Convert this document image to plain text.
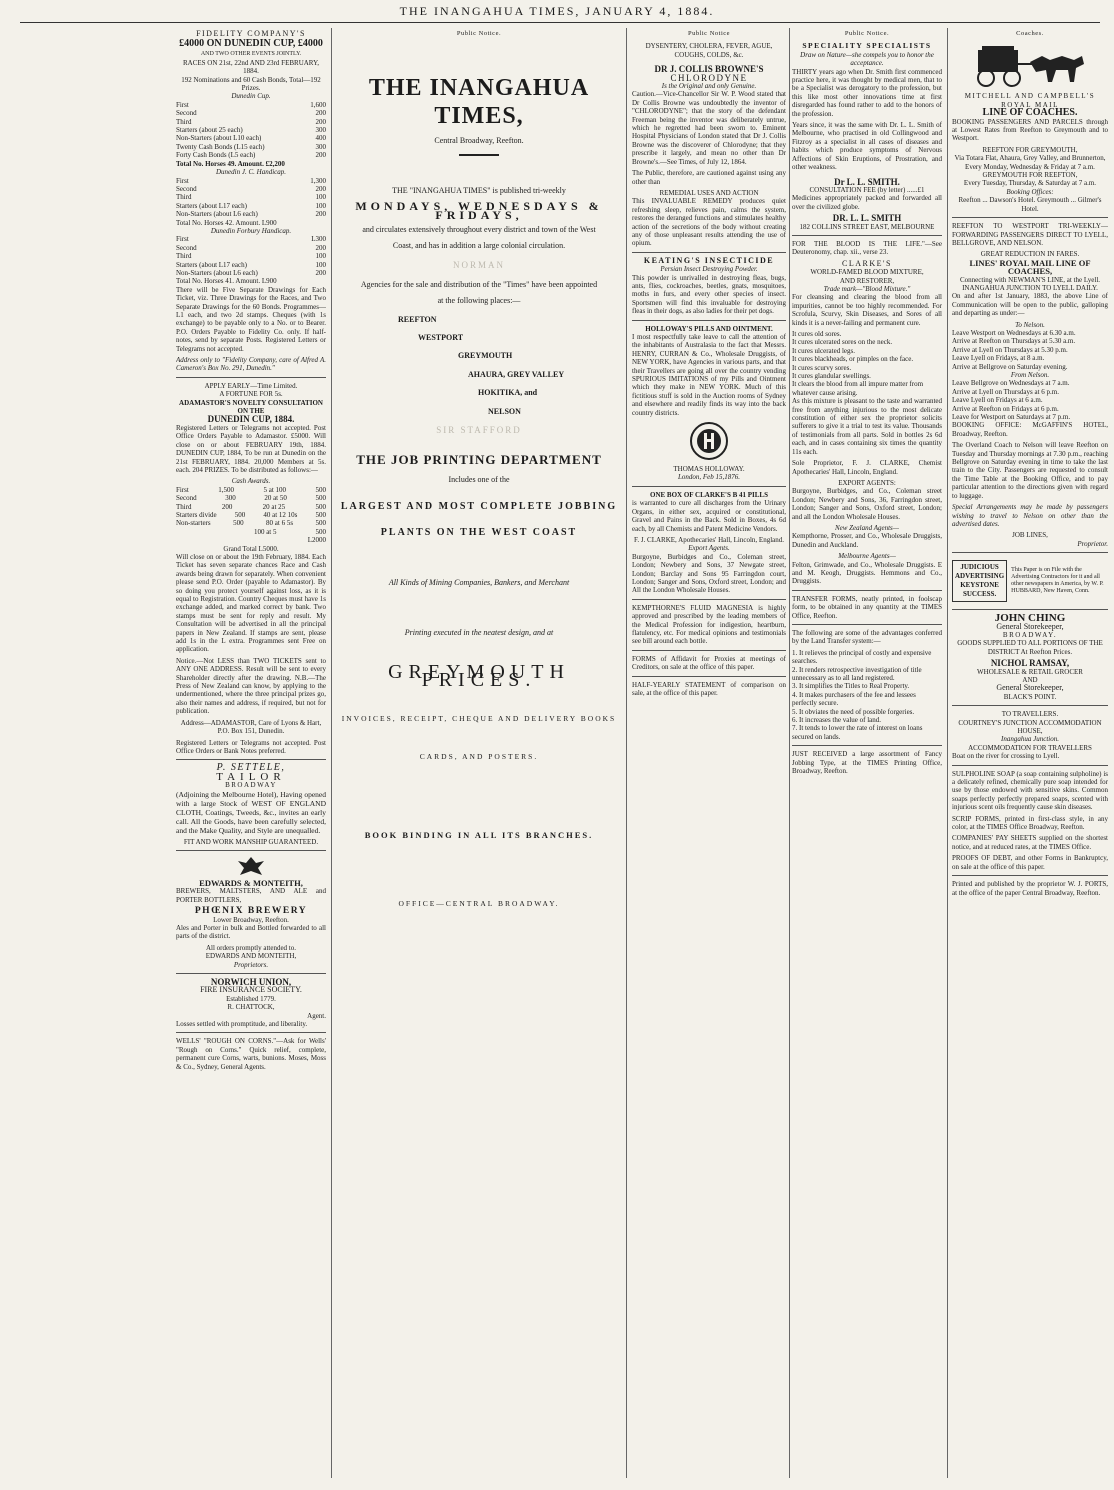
THE INANGAHUA TIMES, JANUARY 4, 1884.
FIDELITY COMPANY'S
£4000 ON DUNEDIN CUP, £4000
AND TWO OTHER EVENTS JOINTLY.
RACES ON 21st, 22nd AND 23rd FEBRUARY, 1884.
192 Nominations and 60 Cash Bonds, Total—192 Prizes.
Dunedin Cup.
First	1,600
Second	200
Third	200
Starters (about 25 each)	300
Non-Starters (about L10 each)	400
Twenty Cash Bonds (L15 each)	300
Forty Cash Bonds (L5 each)	200
Total No. Horses 49. Amount. £2,200
Dunedin J. C. Handicap.
First	1,300
Second	200
Third	100
Starters (about L17 each)	100
Non-Starters (about L6 each)	200
Total No. Horses 42. Amount. L900
Dunedin Forbury Handicap.
First	L300
Second	200
Third	100
Starters (about L17 each)	100
Non-Starters (about L6 each)	200
Total No. Horses 41. Amount. L900

There will be Five Separate Drawings for Each Ticket, viz. Three Drawings for the Races, and Two Separate Drawings for the 60 Bonds. Programmes—L1 each, and two 2d stamps. Cheques (with 1s exchange) to be payable only to a No. or to Bearer. P.O. Orders Payable to Fidelity Co. only. If half-notes, send by separate Posts. Registered Letters or Telegrams not accepted.

Address only to "Fidelity Company, care of Alfred A. Cameron's Box No. 291, Dunedin."

APPLY EARLY—Time Limited.
A FORTUNE FOR 5s.
ADAMASTOR'S NOVELTY CONSULTATION ON THE
DUNEDIN CUP, 1884.

Registered Letters or Telegrams not accepted. Post Office Orders Payable to Adamastor. £5000. Will close on or about FEBRUARY 19th, 1884. DUNEDIN CUP, 1884, To be run at Dunedin on the 21st FEBRUARY, 1884. 20,000 Members at 5s. each. 204 PRIZES. To be distributed as follows:—

Cash Awards.
First	1,500	5 at 100	500
Second	300	20 at 50	500
Third	200	20 at 25	500
Starters divide	500	40 at 12 10s	500
Non-starters	500	80 at 6 5s	500
100 at 5	500
L2000
Grand Total L5000.

Will close on or about the 19th February, 1884. Each Ticket has seven separate chances Race and Cash awards being drawn for separately. When convenient please send P.O. Order (payable to Adamastor). By so doing you protect yourself against loss, as it is equal to Registration. Country Cheques must have 1s exchange added, and marked correct by bank. Two stamps must be sent for reply and result. My Consultation will be advertised in all the principal papers in New Zealand. If stamps are sent, please add 1s in the L extra. Programmes sent Free on application.

Notice.—Not LESS than TWO TICKETS sent to ANY ONE ADDRESS. Result will be sent to every Shareholder directly after the drawing. N.B.—The Press of New Zealand can know, by applying to the undermentioned, where the three principal prizes go, also their names and address, if required, but not for publication.

Address—ADAMASTOR, Care of Lyons & Hart, P.O. Box 151, Dunedin.

Registered Letters or Telegrams not accepted. Post Office Orders or Bank Notes preferred.

P. SETTELE,
TAILOR
BROADWAY

(Adjoining the Melbourne Hotel), Having opened with a large Stock of WEST OF ENGLAND CLOTH, Coatings, Tweeds, &c., invites an early call. All the Goods, have been carefully selected, and the Make Quality, and Style are unequalled.

FIT AND WORK MANSHIP GUARANTEED.
EDWARDS & MONTEITH,

BREWERS, MALTSTERS, AND ALE and PORTER BOTTLERS,

PHŒNIX BREWERY
Lower Broadway, Reefton.

Ales and Porter in bulk and Bottled forwarded to all parts of the district.

All orders promptly attended to.
EDWARDS AND MONTEITH,
Proprietors.
NORWICH UNION,
FIRE INSURANCE SOCIETY.
Established 1779.
R. CHATTOCK,
Agent.

Losses settled with promptitude, and liberality.

WELLS' "ROUGH ON CORNS."—Ask for Wells' "Rough on Corns." Quick relief, complete, permanent cure Corns, warts, bunions. Moses, Moss & Co., Sydney, General Agents.

Public Notice.
THE INANGAHUA TIMES,
Central Broadway, Reefton.
THE "INANGAHUA TIMES" is published tri-weekly
MONDAYS, WEDNESDAYS & FRIDAYS,
and circulates extensively throughout every district and town of the West
Coast, and has in addition a large colonial circulation.
NORMAN
Agencies for the sale and distribution of the "Times" have been appointed
at the following places:—
REEFTON
WESTPORT
GREYMOUTH
AHAURA, GREY VALLEY
HOKITIKA, and
NELSON
SIR STAFFORD
THE JOB PRINTING DEPARTMENT
Includes one of the
LARGEST AND MOST COMPLETE JOBBING
PLANTS ON THE WEST COAST
All Kinds of Mining Companies, Bankers, and Merchant
Printing executed in the neatest design, and at
GREYMOUTH PRICES.
INVOICES, RECEIPT, CHEQUE AND DELIVERY BOOKS
CARDS, AND POSTERS.
BOOK BINDING IN ALL ITS BRANCHES.
OFFICE—CENTRAL BROADWAY.
Public Notice
DYSENTERY, CHOLERA, FEVER, AGUE, COUGHS, COLDS, &c.
DR J. COLLIS BROWNE'S
CHLORODYNE
Is the Original and only Genuine.

Caution.—Vice-Chancellor Sir W. P. Wood stated that Dr Collis Browne was undoubtedly the inventor of "CHLORODYNE"; that the story of the defendant Freeman being the inventor was deliberately untrue, which he regretted had been sworn to. Eminent Hospital Physicians of London stated that Dr J. Collis Browne was the discoverer of Chlorodyne; that they prescribe it largely, and mean no other than Dr Browne's.—See Times, of July 12, 1864.

The Public, therefore, are cautioned against using any other than

REMEDIAL USES AND ACTION

This INVALUABLE REMEDY produces quiet refreshing sleep, relieves pain, calms the system, restores the deranged functions and stimulates healthy action of the secretions of the body without creating any of those unpleasant results attending the use of opium.

KEATING'S INSECTICIDE
Persian Insect Destroying Powder.

This powder is unrivalled in destroying fleas, bugs, ants, flies, cockroaches, beetles, gnats, mosquitoes, moths in furs, and every other species of insect. Sportsmen will find this invaluable for destroying fleas in their dogs, as also ladies for their pet dogs.

HOLLOWAY'S PILLS AND OINTMENT.

I most respectfully take leave to call the attention of the inhabitants of Australasia to the fact that Messrs. HENRY, CURRAN & Co., Wholesale Druggists, of NEW YORK, have Agencies in various parts, and that their Travellers are going all over the country vending SPURIOUS IMITATIONS of my Pills and Ointment which they make in NEW YORK. Much of this fictitious stuff is sold in the Auction rooms of Sydney and elsewhere and readily finds its way into the back country districts.

THOMAS HOLLOWAY.
London, Feb 15,1876.
ONE BOX OF CLARKE'S B 41 PILLS

is warranted to cure all discharges from the Urinary Organs, in either sex, acquired or constitutional, Gravel and Pains in the Back. Sold in Boxes, 4s 6d each, by all Chemists and Patent Medicine Vendors.

F. J. CLARKE, Apothecaries' Hall, Lincoln, England.
Export Agents.

Burgoyne, Burbidges and Co., Coleman street, London; Newbery and Sons, 37 Newgate street, London; Barclay and Sons 95 Farringdon court, London; Sanger and Sons, Oxford street, London; and All the London Wholesale Houses.

KEMPTHORNE'S FLUID MAGNESIA is highly approved and prescribed by the leading members of the Medical Profession for indigestion, heartburn, flatulency, etc. For medical opinions and testimonials see bill around each bottle.

FORMS of Affidavit for Proxies at meetings of Creditors, on sale at the office of this paper.

HALF-YEARLY STATEMENT of comparison on sale, at the office of this paper.

Public Notice.
SPECIALITY SPECIALISTS
Draw on Nature—she compels you to honor the acceptance.

THIRTY years ago when Dr. Smith first commenced practice here, it was thought by medical men, that to be a Specialist was derogatory to the profession, but this like most other innovations time at first disregarded has found rather to add to the honors of the profession.

Years since, it was the same with Dr. L. L. Smith of Melbourne, who practised in old Collingwood and Fitzroy as a specialist in all cases of diseases and habits which produce symptoms of Nervous Affections of Skin Eruptions, of Prostration, and other weakness.

Dr L. L. SMITH.
CONSULTATION FEE (by letter) ......£1

Medicines appropriately packed and forwarded all over the civilized globe.

DR. L. L. SMITH
182 COLLINS STREET EAST, MELBOURNE

FOR THE BLOOD IS THE LIFE."—See Deuteronomy, chap. xii., verse 23.

CLARKE'S
WORLD-FAMED BLOOD MIXTURE,
AND RESTORER,
Trade mark—"Blood Mixture."

For cleansing and clearing the blood from all impurities, cannot be too highly recommended. For Scrofula, Scurvy, Skin Diseases, and Sores of all kinds it is a never-failing and permanent cure.

It cures old sores.
It cures ulcerated sores on the neck.
It cures ulcerated legs.
It cures blackheads, or pimples on the face.
It cures scurvy sores.
It cures glandular swellings.
It clears the blood from all impure matter from whatever cause arising.

As this mixture is pleasant to the taste and warranted free from anything injurious to the most delicate constitution of either sex the proprietor solicits sufferers to give it a trial to test its value. Thousands of testimonials from all parts. Sold in bottles 2s 6d each, and in cases containing six times the quantity 11s each.

Sole Proprietor, F. J. CLARKE, Chemist Apothecaries' Hall, Lincoln, England.

EXPORT AGENTS:

Burgoyne, Burbidges, and Co., Coleman street London; Newbery and Sons, 36, Farringdon street, London; Sanger and Sons, Oxford street, London; and all the London Wholesale Houses.

New Zealand Agents—

Kempthorne, Prosser, and Co., Wholesale Druggists, Dunedin and Auckland.

Melbourne Agents—

Felton, Grimwade, and Co., Wholesale Druggists. E and M. Keogh, Druggists. Hemmons and Co., Druggists.

TRANSFER FORMS, neatly printed, in foolscap form, to be obtained in any quantity at the TIMES Office, Reefton.

The following are some of the advantages conferred by the Land Transfer system:—

1. It relieves the principal of costly and expensive searches.
2. It renders retrospective investigation of title unnecessary as to all land registered.
3. It simplifies the Titles to Real Property.
4. It makes purchasers of the fee and lessees perfectly secure.
5. It obviates the need of possible forgeries.
6. It increases the value of land.
7. It tends to lower the rate of interest on loans secured on lands.

JUST RECEIVED a large assortment of Fancy Jobbing Type, at the TIMES Printing Office, Broadway, Reefton.

Coaches.
MITCHELL AND CAMPBELL'S
ROYAL MAIL
LINE OF COACHES.

BOOKING PASSENGERS AND PARCELS through at Lowest Rates from Reefton to Greymouth and to Westport.

REEFTON FOR GREYMOUTH,
Via Totara Flat, Ahaura, Grey Valley, and Brunnerton,
Every Monday, Wednesday & Friday at 7 a.m.
GREYMOUTH FOR REEFTON,
Every Tuesday, Thursday, & Saturday at 7 a.m.
Booking Offices:
Reefton ... Dawson's Hotel. Greymouth ... Gilmer's Hotel.

REEFTON TO WESTPORT TRI-WEEKLY—FORWARDING PASSENGERS DIRECT TO LYELL, BELLGROVE, AND NELSON.

GREAT REDUCTION IN FARES.
LINES' ROYAL MAIL LINE OF COACHES,
Connecting with NEWMAN'S LINE, at the Lyell.
INANGAHUA JUNCTION TO LYELL DAILY.

On and after 1st January, 1883, the above Line of Communication will be open to the public, galloping and departing as under:—

To Nelson.
Leave Westport on Wednesdays at 6.30 a.m.
Arrive at Reefton on Thursdays at 5.30 a.m.
Arrive at Lyell on Thursdays at 5.30 p.m.
Leave Lyell on Fridays, at 8 a.m.
Arrive at Bellgrove on Saturday evening.
From Nelson.
Leave Bellgrove on Wednesdays at 7 a.m.
Arrive at Lyell on Thursdays at 6 p.m.
Leave Lyell on Fridays at 6 a.m.
Arrive at Reefton on Fridays at 6 p.m.
Leave for Westport on Saturdays at 7 p.m.

BOOKING OFFICE: McGAFFIN'S HOTEL, Broadway, Reefton.

The Overland Coach to Nelson will leave Reefton on Tuesday and Thursday mornings at 7.30 p.m., reaching Bellgrove on Saturday evening in time to take the last train to the City. Passengers are requested to consult the Time Table at the Booking Office, and to pay particular attention to the directions given with regard to luggage.

Special Arrangements may be made by passengers wishing to travel to Nelson on other than the advertised dates.

JOB LINES,
Proprietor.
JUDICIOUS
ADVERTISING
KEYSTONE
SUCCESS.
This Paper is on File with the Advertising Contractors for it and all other newspapers in America, by W. P. HUBBARD, New Haven, Conn.
JOHN CHING
General Storekeeper,
BROADWAY.

GOODS SUPPLIED TO ALL PORTIONS OF THE DISTRICT At Reefton Prices.

NICHOL RAMSAY,
WHOLESALE & RETAIL GROCER
AND
General Storekeeper,
BLACK'S POINT.
TO TRAVELLERS.
COURTNEY'S JUNCTION ACCOMMODATION HOUSE,
Inangahua Junction.
ACCOMMODATION FOR TRAVELLERS

Boat on the river for crossing to Lyell.

SULPHOLINE SOAP (a soap containing sulpholine) is a delicately refined, chemically pure soap intended for use by those endowed with sensitive skins. Common soaps perfectly perfectly prepared soaps, scented with injurious scent oils frequently cause skin diseases.

SCRIP FORMS, printed in first-class style, in any color, at the TIMES Office Broadway, Reefton.

COMPANIES' PAY SHEETS supplied on the shortest notice, and at reduced rates, at the TIMES Office.

PROOFS OF DEBT, and other Forms in Bankruptcy, on sale at the office of this paper.

Printed and published by the proprietor W. J. PORTS, at the office of the paper Central Broadway, Reefton.
